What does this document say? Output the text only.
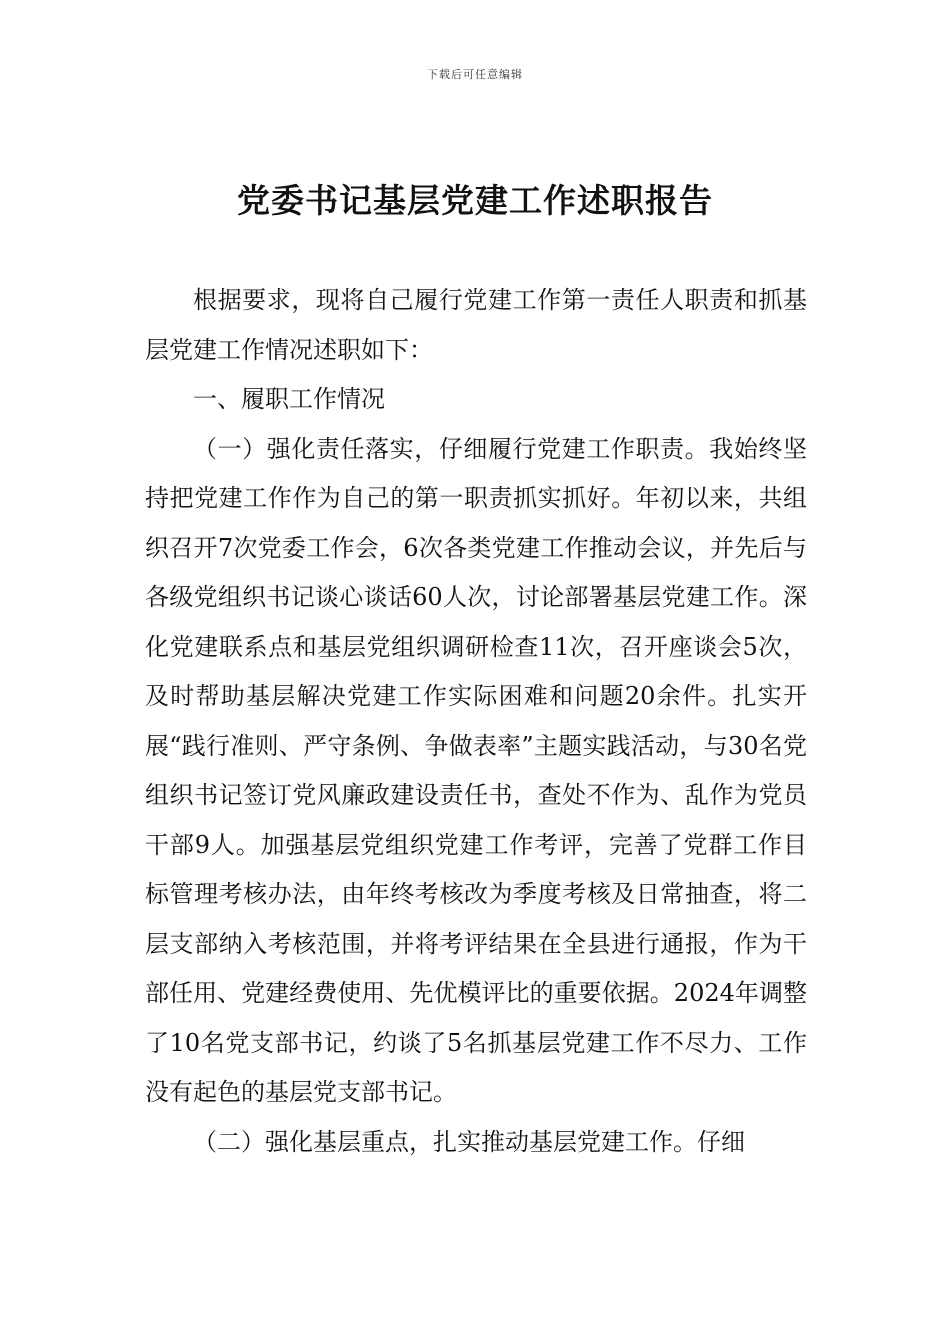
下载后可任意编辑
党委书记基层党建工作述职报告

根据要求，现将自己履行党建工作第一责任人职责和抓基层党建工作情况述职如下：

一、履职工作情况

（一）强化责任落实，仔细履行党建工作职责。我始终坚持把党建工作作为自己的第一职责抓实抓好。年初以来，共组织召开7次党委工作会，6次各类党建工作推动会议，并先后与各级党组织书记谈心谈话60人次，讨论部署基层党建工作。深化党建联系点和基层党组织调研检查11次，召开座谈会5次，及时帮助基层解决党建工作实际困难和问题20余件。扎实开展“践行准则、严守条例、争做表率”主题实践活动，与30名党组织书记签订党风廉政建设责任书，查处不作为、乱作为党员干部9人。加强基层党组织党建工作考评，完善了党群工作目标管理考核办法，由年终考核改为季度考核及日常抽查，将二层支部纳入考核范围，并将考评结果在全县进行通报，作为干部任用、党建经费使用、先优模评比的重要依据。2024年调整了10名党支部书记，约谈了5名抓基层党建工作不尽力、工作没有起色的基层党支部书记。

（二）强化基层重点，扎实推动基层党建工作。仔细
